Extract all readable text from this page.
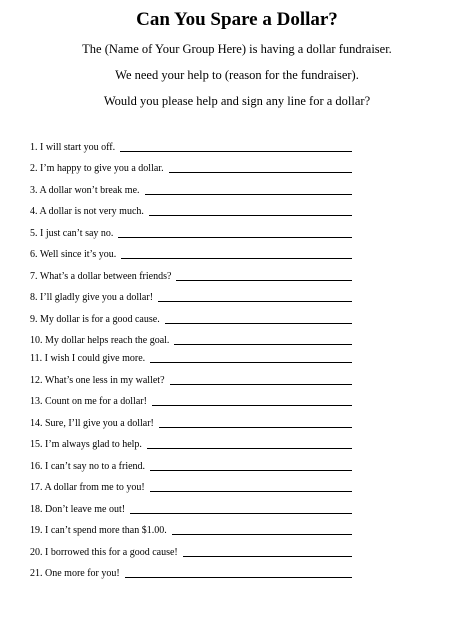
Can You Spare a Dollar?
The (Name of Your Group Here) is having a dollar fundraiser.
We need your help to (reason for the fundraiser).
Would you please help and sign any line for a dollar?
1. I will start you off.
2. I’m happy to give you a dollar.
3. A dollar won’t break me.
4. A dollar is not very much.
5. I just can’t say no.
6. Well since it’s you.
7. What’s a dollar between friends?
8. I’ll gladly give you a dollar!
9. My dollar is for a good cause.
10. My dollar helps reach the goal.
11. I wish I could give more.
12. What’s one less in my wallet?
13. Count on me for a dollar!
14. Sure, I’ll give you a dollar!
15. I’m always glad to help.
16. I can’t say no to a friend.
17. A dollar from me to you!
18. Don’t leave me out!
19. I can’t spend more than $1.00.
20. I borrowed this for a good cause!
21. One more for you!
